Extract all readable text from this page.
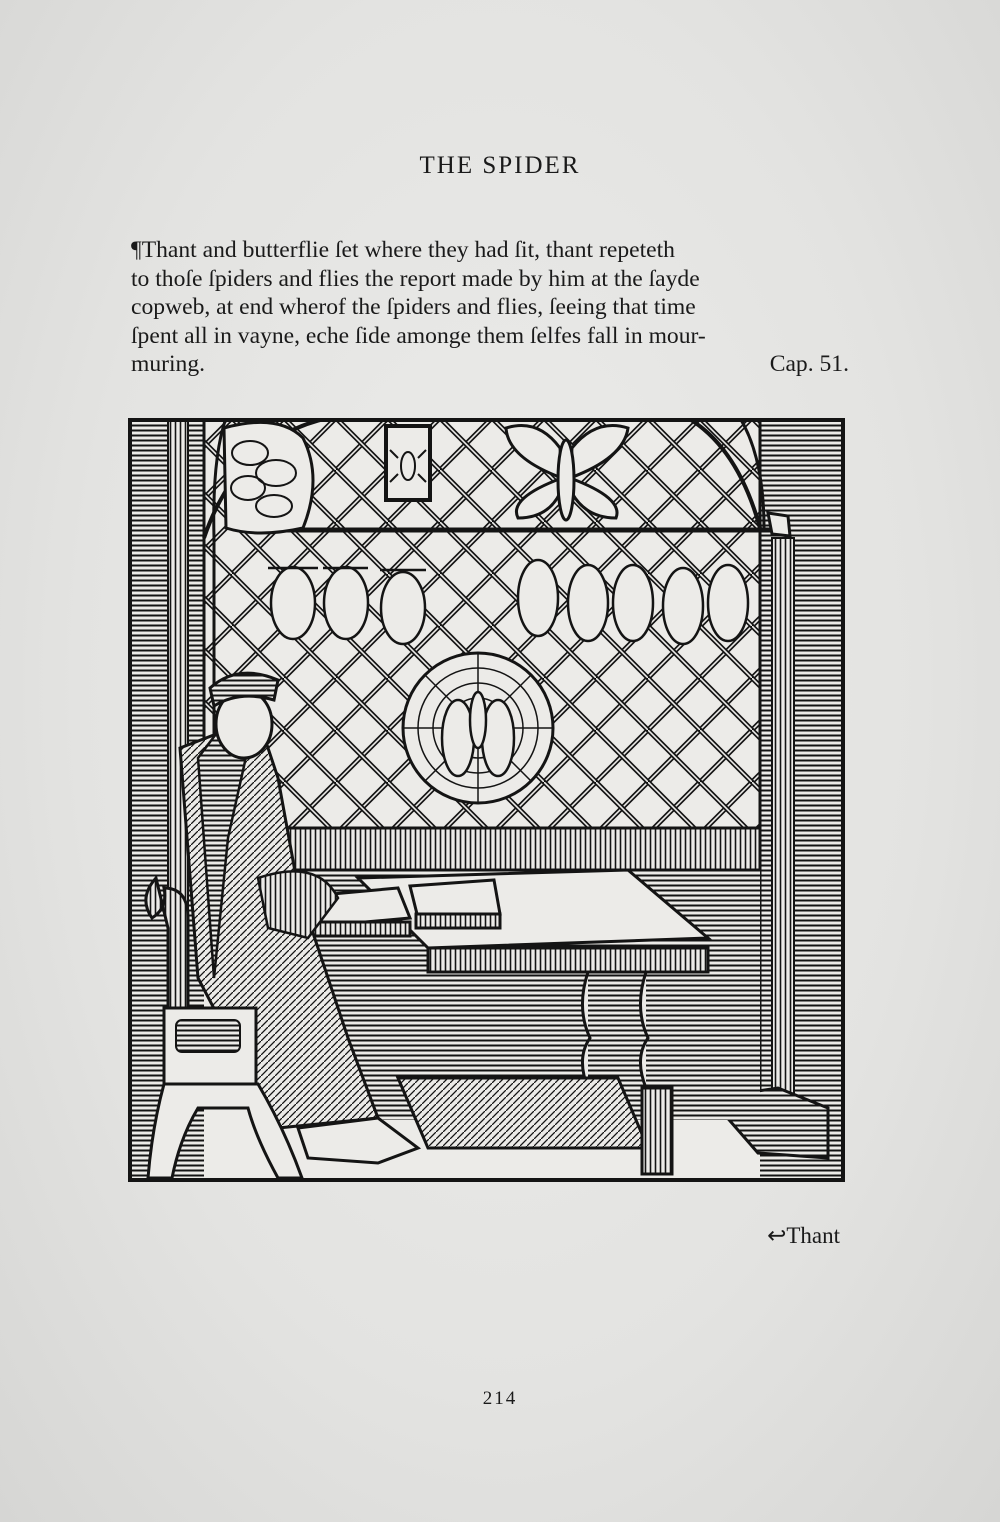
THE SPIDER
¶Thant and butterflie ſet where they had ſit, thant repeteth
to thoſe ſpiders and flies the report made by him at the ſayde
copweb, at end wherof the ſpiders and flies, ſeeing that time
ſpent all in vayne, eche ſide amonge them ſelfes fall in mour-
muring.	Cap. 51.
↩Thant
214
